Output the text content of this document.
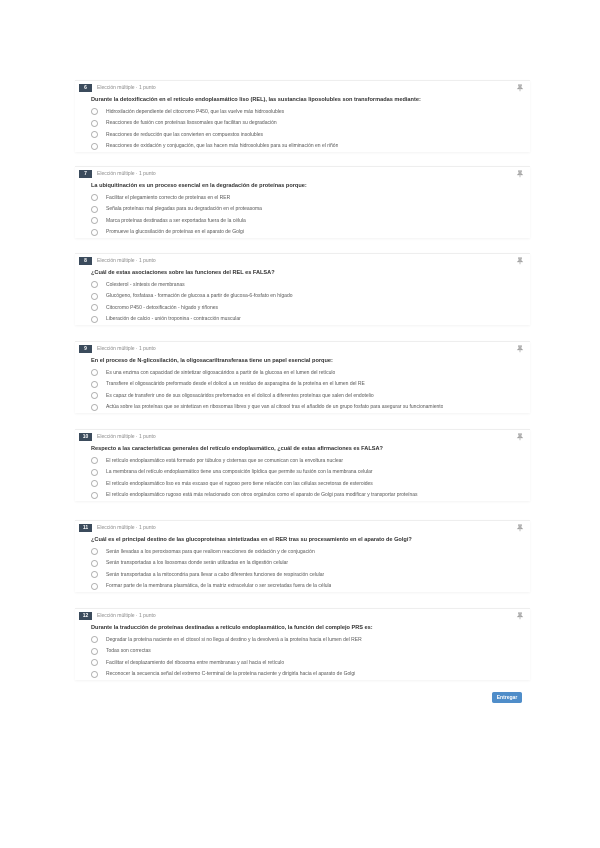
6	Elección múltiple · 1 punto
Durante la detoxificación en el retículo endoplasmático liso (REL), las sustancias liposolubles son transformadas mediante:
Hidroxilación dependiente del citocromo P450, que las vuelve más hidrosolubles
Reacciones de fusión con proteínas lisosomales que facilitan su degradación
Reacciones de reducción que las convierten en compuestos insolubles
Reacciones de oxidación y conjugación, que las hacen más hidrosolubles para su eliminación en el riñón
7	Elección múltiple · 1 punto
La ubiquitinación es un proceso esencial en la degradación de proteínas porque:
Facilitar el plegamiento correcto de proteínas en el RER
Señala proteínas mal plegadas para su degradación en el proteasoma
Marca proteínas destinadas a ser exportadas fuera de la célula
Promueve la glucosilación de proteínas en el aparato de Golgi
8	Elección múltiple · 1 punto
¿Cuál de estas asociaciones sobre las funciones del REL es FALSA?
Colesterol - síntesis de membranas
Glucógeno, fosfatasa - formación de glucosa a partir de glucosa-6-fosfato en hígado
Citocromo P450 - detoxificación - hígado y riñones
Liberación de calcio - unión troponina - contracción muscular
9	Elección múltiple · 1 punto
En el proceso de N-glicosilación, la oligosacariltransferasa tiene un papel esencial porque:
Es una enzima con capacidad de sintetizar oligosacáridos a partir de la glucosa en el lumen del retículo
Transfiere el oligosacárido preformado desde el dolicol a un residuo de asparagina de la proteína en el lumen del RE
Es capaz de transferir uno de sus oligosacáridos preformados en el dolicol a diferentes proteínas que salen del endotelio
Actúa sobre las proteínas que se sintetizan en ribosomas libres y que van al citosol tras el añadido de un grupo fosfato para asegurar su funcionamiento
10	Elección múltiple · 1 punto
Respecto a las características generales del retículo endoplasmático, ¿cuál de estas afirmaciones es FALSA?
El retículo endoplasmático está formado por túbulos y cisternas que se comunican con la envoltura nuclear
La membrana del retículo endoplasmático tiene una composición lipídica que permite su fusión con la membrana celular
El retículo endoplasmático liso es más escaso que el rugoso pero tiene relación con las células secretoras de esteroides
El retículo endoplasmático rugoso está más relacionado con otros orgánulos como el aparato de Golgi para modificar y transportar proteínas
11	Elección múltiple · 1 punto
¿Cuál es el principal destino de las glucoproteínas sintetizadas en el RER tras su procesamiento en el aparato de Golgi?
Serán llevadas a los peroxisomas para que realicen reacciones de oxidación y de conjugación
Serán transportadas a los lisosomas donde serán utilizadas en la digestión celular
Serán transportadas a la mitocondria para llevar a cabo diferentes funciones de respiración celular
Formar parte de la membrana plasmática, de la matriz extracelular o ser secretadas fuera de la célula
12	Elección múltiple · 1 punto
Durante la traducción de proteínas destinadas a retículo endoplasmático, la función del complejo PRS es:
Degradar la proteína naciente en el citosol si no llega al destino y la devolverá a la proteína hacia el lumen del RER
Todas son correctas
Facilitar el desplazamiento del ribosoma entre membranas y así hacia el retículo
Reconocer la secuencia señal del extremo C-terminal de la proteína naciente y dirigirla hacia el aparato de Golgi
Entregar
